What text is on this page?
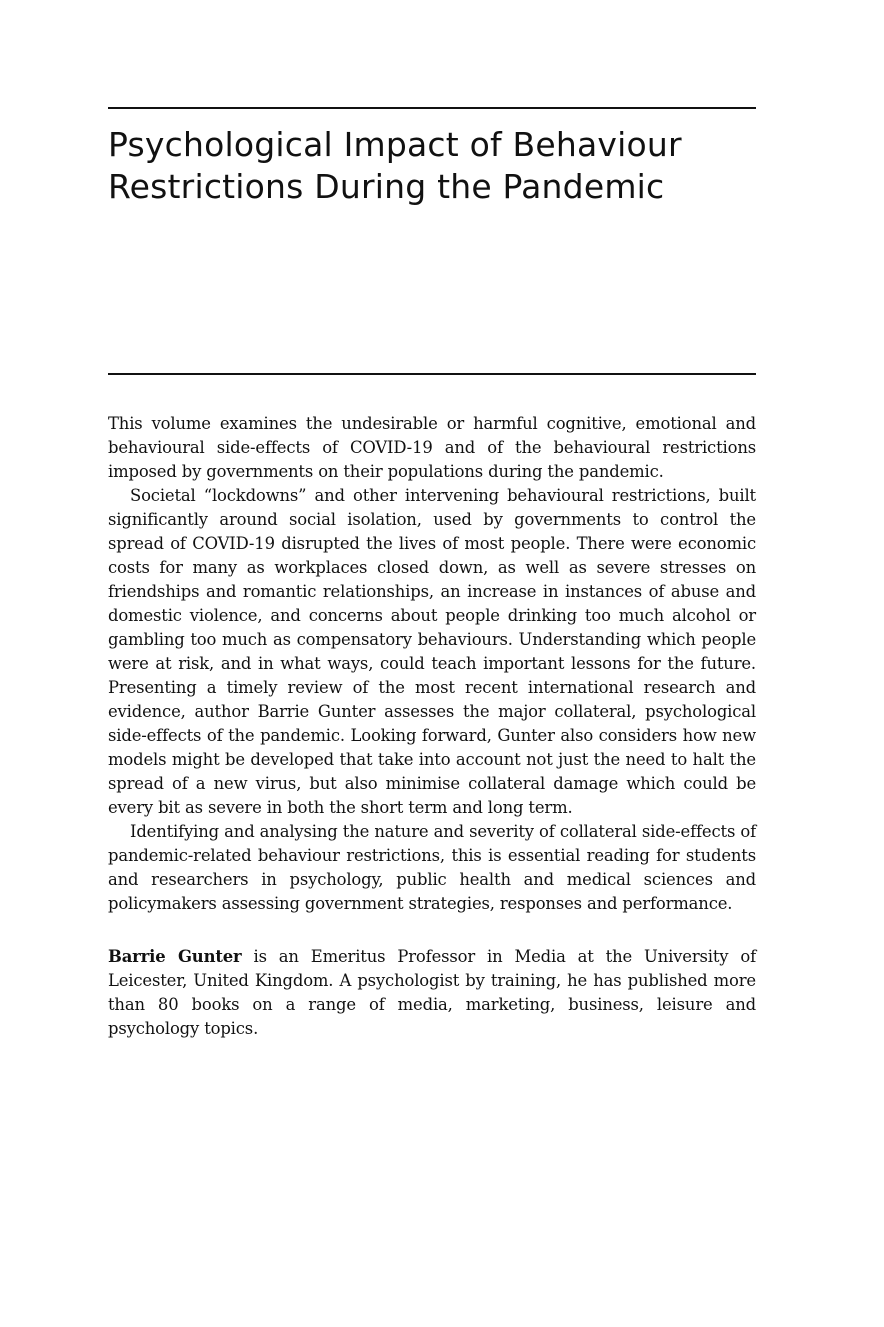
Psychological Impact of Behaviour
Restrictions During the Pandemic

This volume examines the undesirable or harmful cognitive, emotional and behavioural side-effects of COVID-19 and of the behavioural restrictions imposed by governments on their populations during the pandemic.

Societal “lockdowns” and other intervening behavioural restrictions, built significantly around social isolation, used by governments to control the spread of COVID-19 disrupted the lives of most people. There were economic costs for many as workplaces closed down, as well as severe stresses on friendships and romantic relationships, an increase in instances of abuse and domestic violence, and concerns about people drinking too much alcohol or gambling too much as compensatory behaviours. Understanding which people were at risk, and in what ways, could teach important lessons for the future. Presenting a timely review of the most recent international research and evidence, author Barrie Gunter assesses the major collateral, psychological side-effects of the pandemic. Looking forward, Gunter also considers how new models might be developed that take into account not just the need to halt the spread of a new virus, but also minimise collateral damage which could be every bit as severe in both the short term and long term.

Identifying and analysing the nature and severity of collateral side-effects of pandemic-related behaviour restrictions, this is essential reading for students and researchers in psychology, public health and medical sciences and policymakers assessing government strategies, responses and performance.

Barrie Gunter is an Emeritus Professor in Media at the University of Leicester, United Kingdom. A psychologist by training, he has published more than 80 books on a range of media, marketing, business, leisure and psychology topics.
